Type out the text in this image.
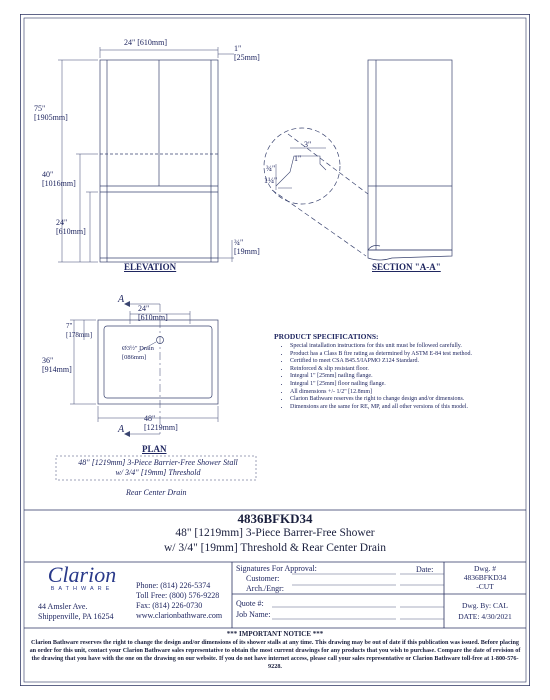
24" [610mm]
1"
[25mm]
75"
[1905mm]
40"
[1016mm]
24"
[610mm]
¾"
[19mm]
ELEVATION
3"
1"
¾"
1¼"
SECTION "A-A"
A
A
24"
[610mm]
7"
[178mm]
Ø3½" Drain
[086mm]
36"
[914mm]
48"
[1219mm]
PLAN
48" [1219mm] 3-Piece Barrier-Free Shower Stall
w/ 3/4" [19mm] Threshold
Rear Center Drain
PRODUCT SPECIFICATIONS:
• Special installation instructions for this unit must be followed carefully.
• Product has a Class B fire rating as determined by ASTM E-84 test method.
• Certified to meet CSA B45.5/IAPMO Z124 Standard.
• Reinforced & slip resistant floor.
• Integral 1" [25mm] nailing flange.
• Integral 1" [25mm] floor nailing flange.
• All dimensions +/- 1/2" [12.8mm]
• Clarion Bathware reserves the right to change design and/or dimensions.
• Dimensions are the same for RE, MP, and all other versions of this model.
4836BFKD34
48" [1219mm] 3-Piece Barrer-Free Shower
w/ 3/4" [19mm] Threshold & Rear Center Drain
Clarion
BATHWARE
44 Amsler Ave.
Shippenville, PA 16254
Phone: (814) 226-5374
Toll Free: (800) 576-9228
Fax: (814) 226-0730
www.clarionbathware.com
Signatures For Approval:
Customer:
Arch./Engr:
Date:
Quote #:
Job Name:
Dwg. #
4836BFKD34
-CUT
Dwg. By: CAL
DATE: 4/30/2021
*** IMPORTANT NOTICE ***
Clarion Bathware reserves the right to change the design and/or dimensions of its shower stalls at any time. This drawing may be out of date if this publication was issued. Before placing an order for this unit, contact your Clarion Bathware sales representative to obtain the most current drawings for any products that you wish to purchase. Compare the date of revision of the drawing that you have with the one on the drawing on our website. If you do not have internet access, please call your sales representative or Clarion Bathware toll-free at 1-800-576-9228.
